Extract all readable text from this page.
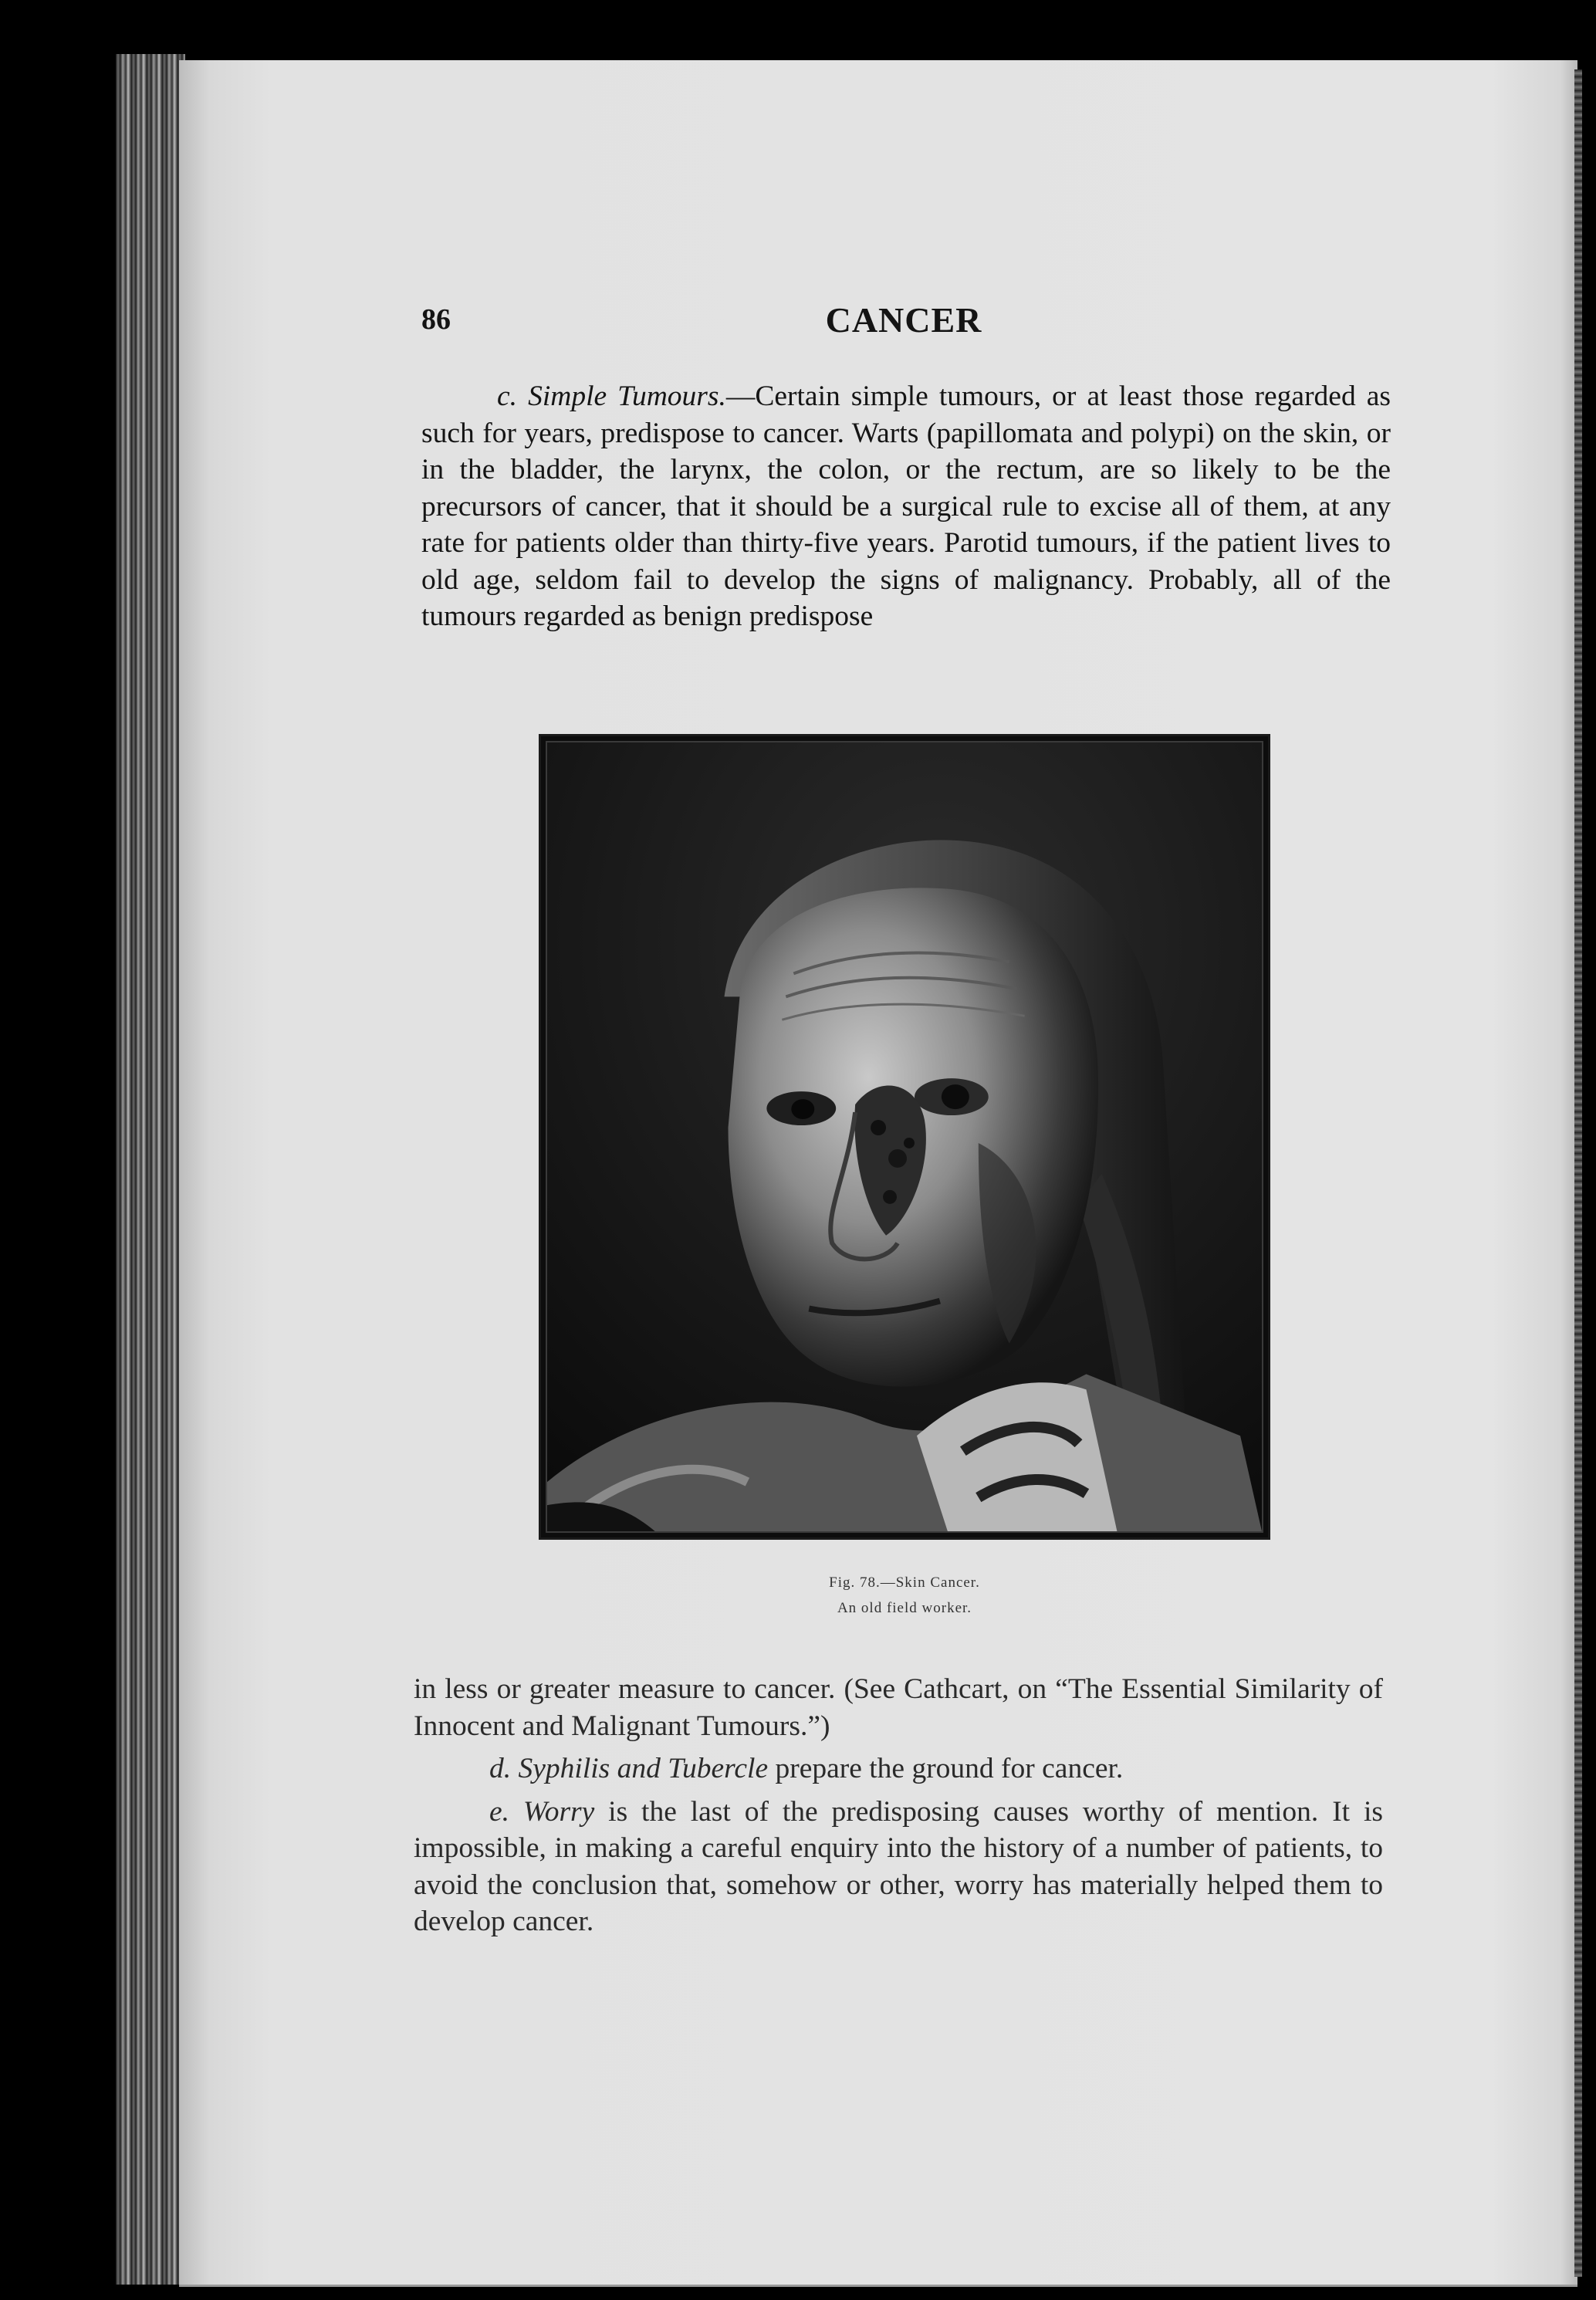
86	CANCER

c. Simple Tumours.—Certain simple tumours, or at least those regarded as such for years, predispose to cancer. Warts (papillomata and polypi) on the skin, or in the bladder, the larynx, the colon, or the rectum, are so likely to be the precursors of cancer, that it should be a surgical rule to excise all of them, at any rate for patients older than thirty-five years. Parotid tumours, if the patient lives to old age, seldom fail to develop the signs of malignancy. Probably, all of the tumours regarded as benign predispose

Fig. 78.—Skin Cancer.
An old field worker.

in less or greater measure to cancer. (See Cathcart, on “The Essential Similarity of Innocent and Malignant Tumours.”)

d. Syphilis and Tubercle prepare the ground for cancer.

e. Worry is the last of the predisposing causes worthy of mention. It is impossible, in making a careful enquiry into the history of a number of patients, to avoid the conclusion that, somehow or other, worry has materially helped them to develop cancer.
